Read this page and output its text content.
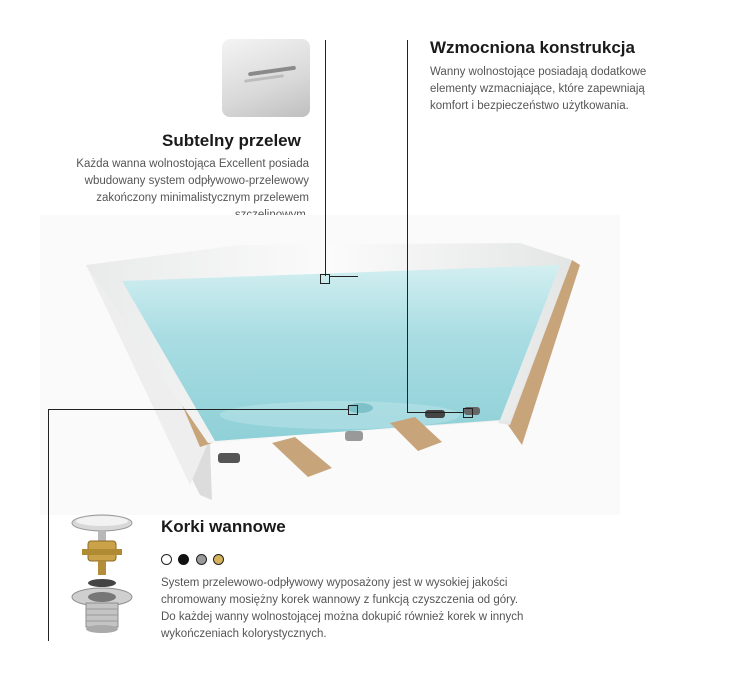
Subtelny przelew
Każda wanna wolnostojąca Excellent posiada
wbudowany system odpływowo-przelewowy
zakończony minimalistycznym przelewem
Wzmocniona konstrukcja
Wanny wolnostojące posiadają dodatkowe
elementy wzmacniające, które zapewniają
komfort i bezpieczeństwo użytkowania.
Korki wannowe

System przelewowo-odpływowy wyposażony jest w wysokiej jakości
chromowany mosiężny korek wannowy z funkcją czyszczenia od góry.
Do każdej wanny wolnostojącej można dokupić również korek w innych
wykończeniach kolorystycznych.
